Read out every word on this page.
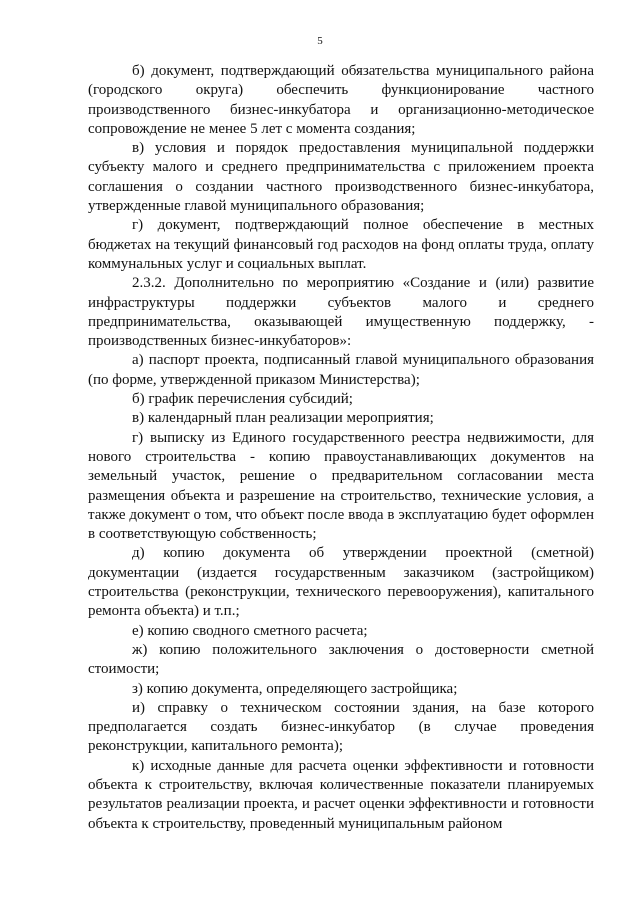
5

б) документ, подтверждающий обязательства муниципального района (городского округа) обеспечить функционирование частного производственного бизнес-инкубатора и организационно-методическое сопровождение не менее 5 лет с момента создания;

в) условия и порядок предоставления муниципальной поддержки субъекту малого и среднего предпринимательства с приложением проекта соглашения о создании частного производственного бизнес-инкубатора, утвержденные главой муниципального образования;

г) документ, подтверждающий полное обеспечение в местных бюджетах на текущий финансовый год расходов на фонд оплаты труда, оплату коммунальных услуг и социальных выплат.

2.3.2. Дополнительно по мероприятию «Создание и (или) развитие инфраструктуры поддержки субъектов малого и среднего предпринимательства, оказывающей имущественную поддержку, - производственных бизнес-инкубаторов»:

а) паспорт проекта, подписанный главой муниципального образования (по форме, утвержденной приказом Министерства);

б) график перечисления субсидий;

в) календарный план реализации мероприятия;

г) выписку из Единого государственного реестра недвижимости, для нового строительства - копию правоустанавливающих документов на земельный участок, решение о предварительном согласовании места размещения объекта и разрешение на строительство, технические условия, а также документ о том, что объект после ввода в эксплуатацию будет оформлен в соответствующую собственность;

д) копию документа об утверждении проектной (сметной) документации (издается государственным заказчиком (застройщиком) строительства (реконструкции, технического перевооружения), капитального ремонта объекта) и т.п.;

е) копию сводного сметного расчета;

ж) копию положительного заключения о достоверности сметной стоимости;

з) копию документа, определяющего застройщика;

и) справку о техническом состоянии здания, на базе которого предполагается создать бизнес-инкубатор (в случае проведения реконструкции, капитального ремонта);

к) исходные данные для расчета оценки эффективности и готовности объекта к строительству, включая количественные показатели планируемых результатов реализации проекта, и расчет оценки эффективности и готовности объекта к строительству, проведенный муниципальным районом
